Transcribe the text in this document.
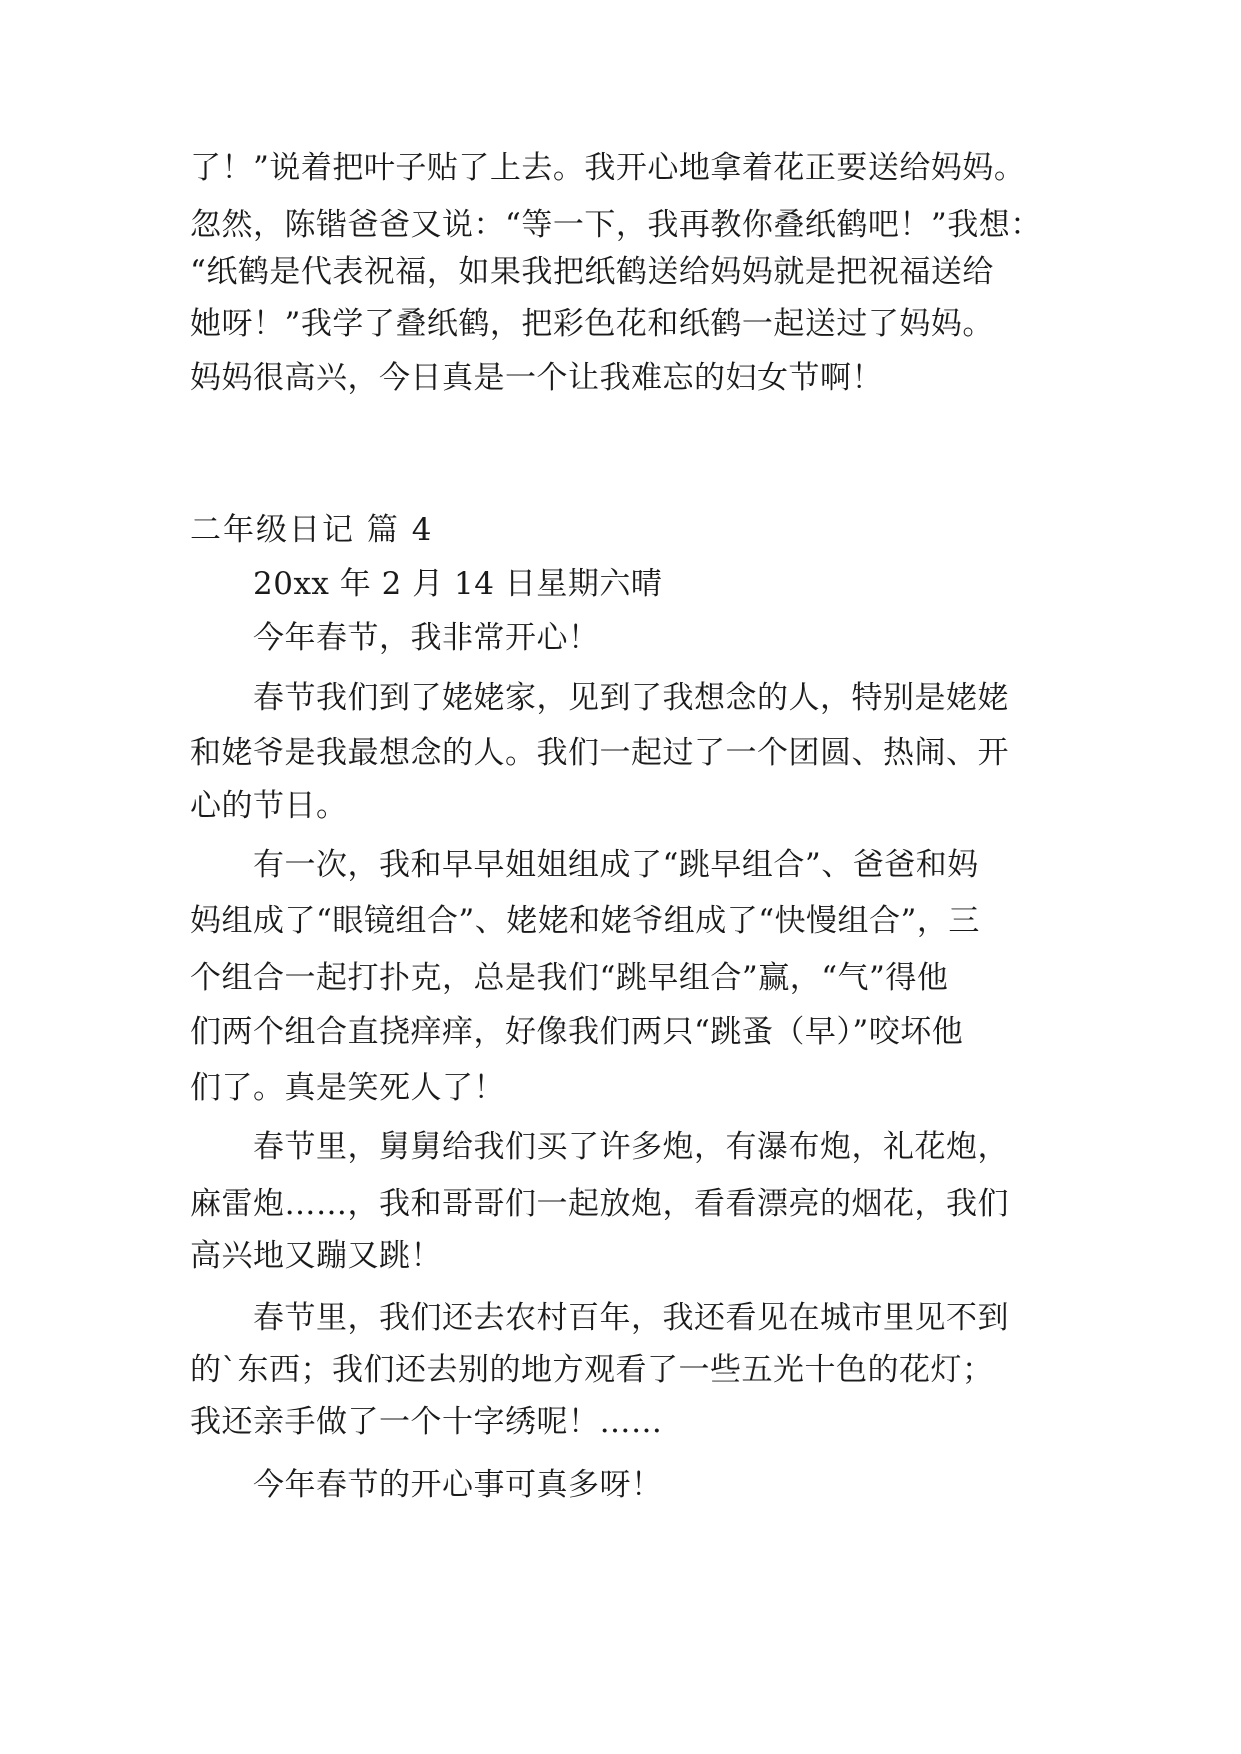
了！”说着把叶子贴了上去。我开心地拿着花正要送给妈妈。

忽然，陈锴爸爸又说：“等一下，我再教你叠纸鹤吧！”我想：

“纸鹤是代表祝福，如果我把纸鹤送给妈妈就是把祝福送给

她呀！”我学了叠纸鹤，把彩色花和纸鹤一起送过了妈妈。

妈妈很高兴，今日真是一个让我难忘的妇女节啊！

二年级日记 篇 4

20xx 年 2 月 14 日星期六晴

今年春节，我非常开心！

春节我们到了姥姥家，见到了我想念的人，特别是姥姥

和姥爷是我最想念的人。我们一起过了一个团圆、热闹、开

心的节日。

有一次，我和早早姐姐组成了“跳早组合”、爸爸和妈

妈组成了“眼镜组合”、姥姥和姥爷组成了“快慢组合”，三

个组合一起打扑克，总是我们“跳早组合”赢，“气”得他

们两个组合直挠痒痒，好像我们两只“跳蚤（早）”咬坏他

们了。真是笑死人了！

春节里，舅舅给我们买了许多炮，有瀑布炮，礼花炮，

麻雷炮……，我和哥哥们一起放炮，看看漂亮的烟花，我们

高兴地又蹦又跳！

春节里，我们还去农村百年，我还看见在城市里见不到

的`东西；我们还去别的地方观看了一些五光十色的花灯；

我还亲手做了一个十字绣呢！……

今年春节的开心事可真多呀！
